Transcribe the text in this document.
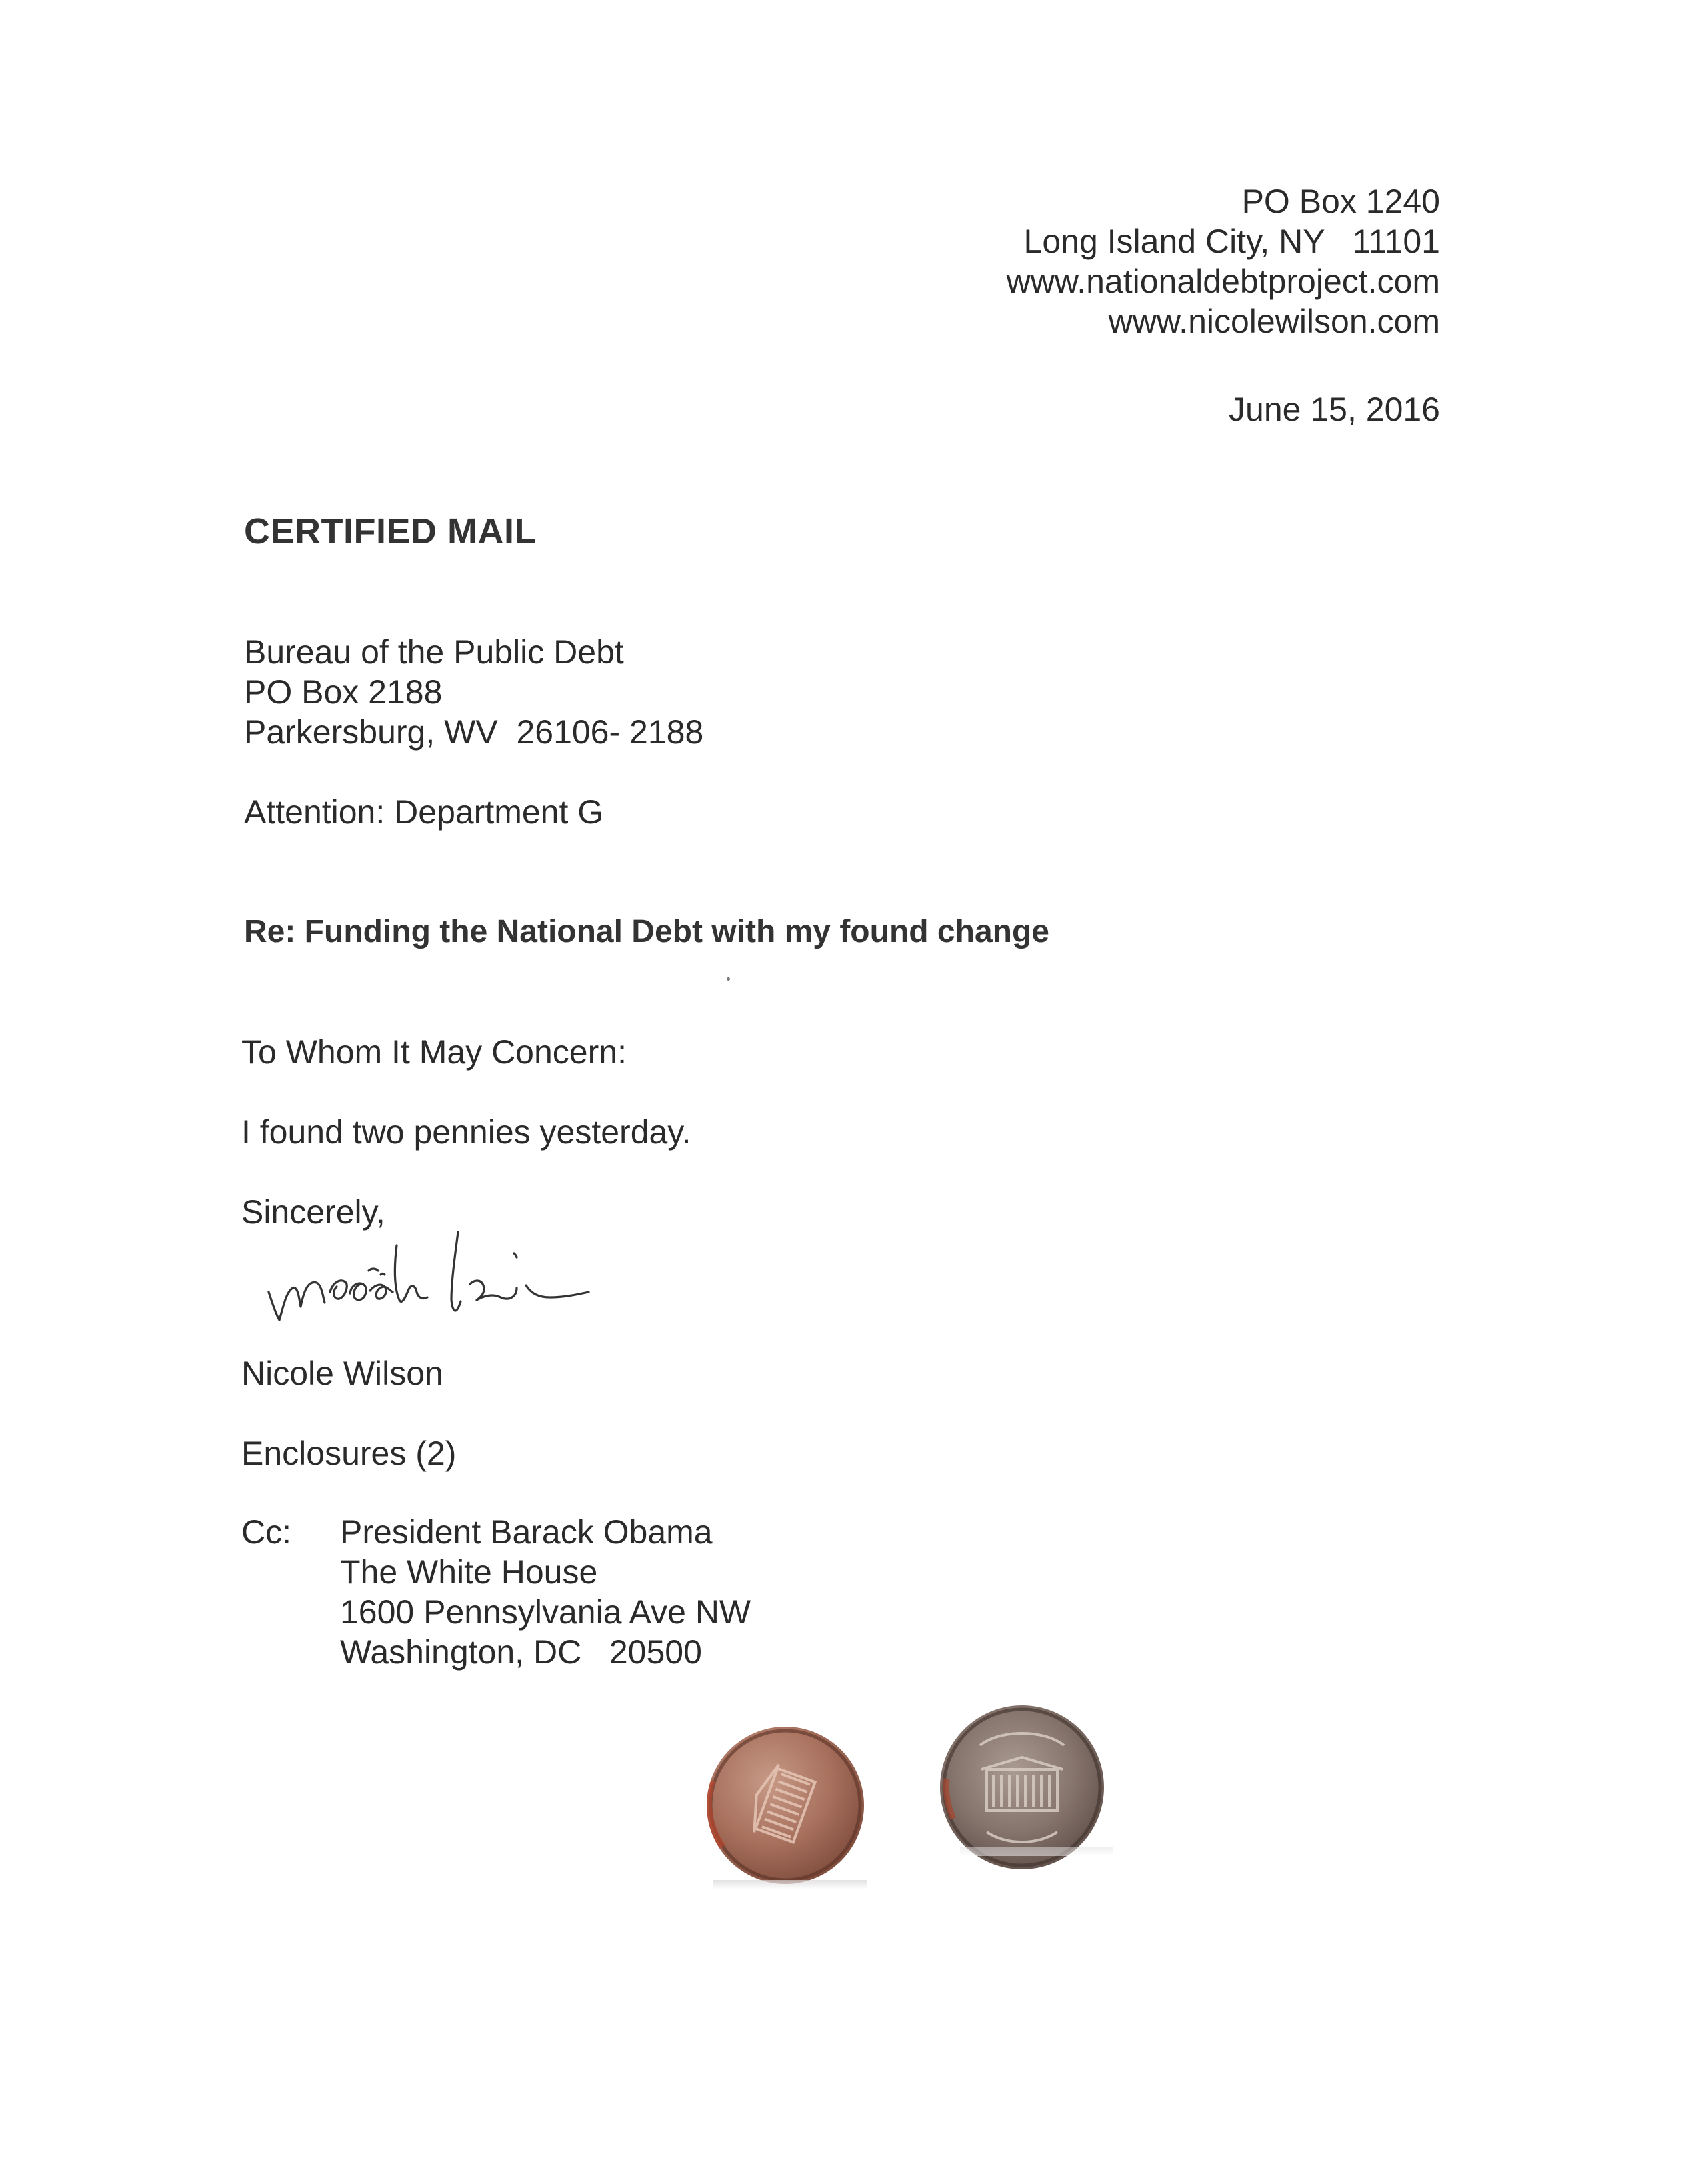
PO Box 1240
Long Island City, NY   11101
www.nationaldebtproject.com
www.nicolewilson.com
June 15, 2016
CERTIFIED MAIL
Bureau of the Public Debt
PO Box 2188
Parkersburg, WV  26106- 2188
Attention: Department G
Re: Funding the National Debt with my found change
To Whom It May Concern:
I found two pennies yesterday.
Sincerely,
Nicole Wilson
Enclosures (2)
Cc: President Barack Obama
The White House
1600 Pennsylvania Ave NW
Washington, DC   20500
